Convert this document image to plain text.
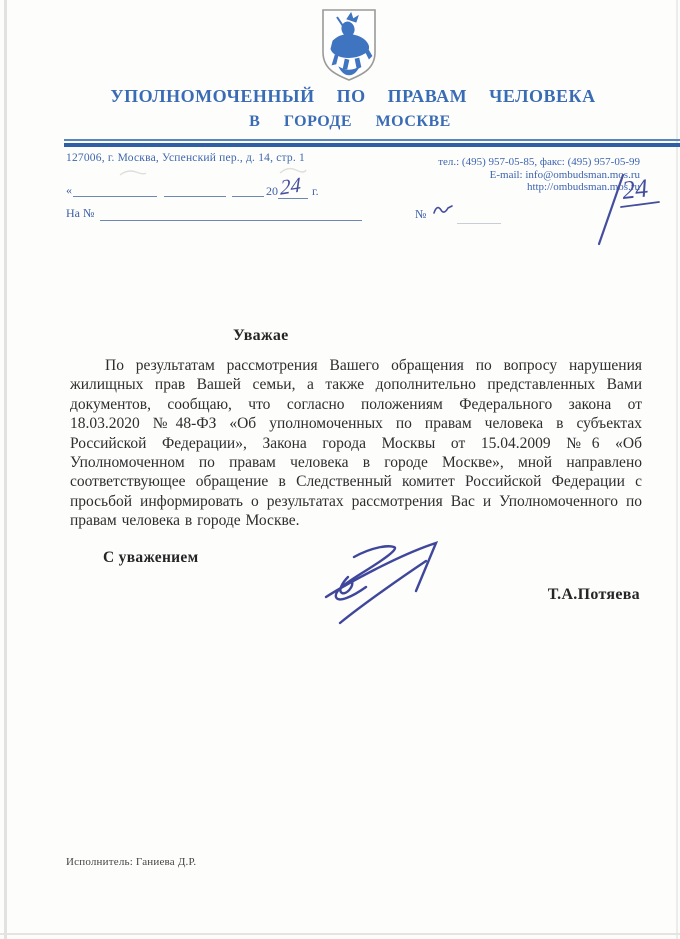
УПОЛНОМОЧЕННЫЙ ПО ПРАВАМ ЧЕЛОВЕКА
В ГОРОДЕ МОСКВЕ
127006, г. Москва, Успенский пер., д. 14, стр. 1	тел.: (495) 957-05-85, факс: (495) 957-05-99
E-mail: info@ombudsman.mos.ru
http://ombudsman.mos.ru
«	20 24 г.
На №	№
24
Уважае
По результатам рассмотрения Вашего обращения по вопросу нарушения
жилищных прав Вашей семьи, а также дополнительно представленных Вами
документов, сообщаю, что согласно положениям Федерального закона от
18.03.2020 №48-ФЗ «Об уполномоченных по правам человека в субъектах
Российской Федерации», Закона города Москвы от 15.04.2009 №6 «Об
Уполномоченном по правам человека в городе Москве», мной направлено
соответствующее обращение в Следственный комитет Российской Федерации с
просьбой информировать о результатах рассмотрения Вас и Уполномоченного по
правам человека в городе Москве.
С уважением
Т.А.Потяева
Исполнитель: Ганиева Д.Р.
